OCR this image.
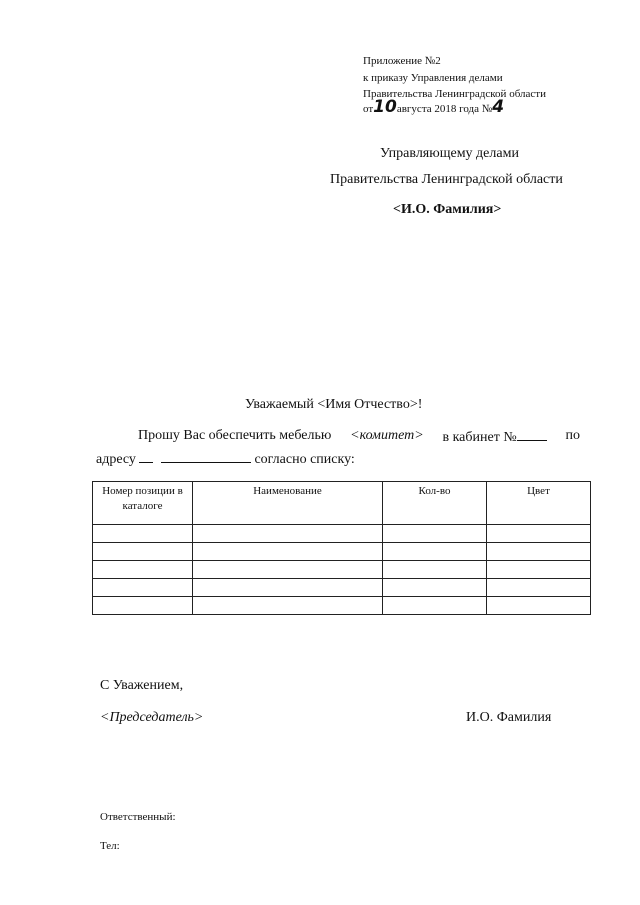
Приложение №2
к приказу Управления делами
Правительства Ленинградской области
от10августа 2018 года №4
Управляющему делами
Правительства Ленинградской области
<И.О. Фамилия>
Уважаемый <Имя Отчество>!
Прошу Вас обеспечить мебелью <комитет> в кабинет №	по
адресу	согласно списку:
Номер позиции в каталоге	Наименование	Кол-во	Цвет

С Уважением,
<Председатель>	И.О. Фамилия
Ответственный:
Тел:
